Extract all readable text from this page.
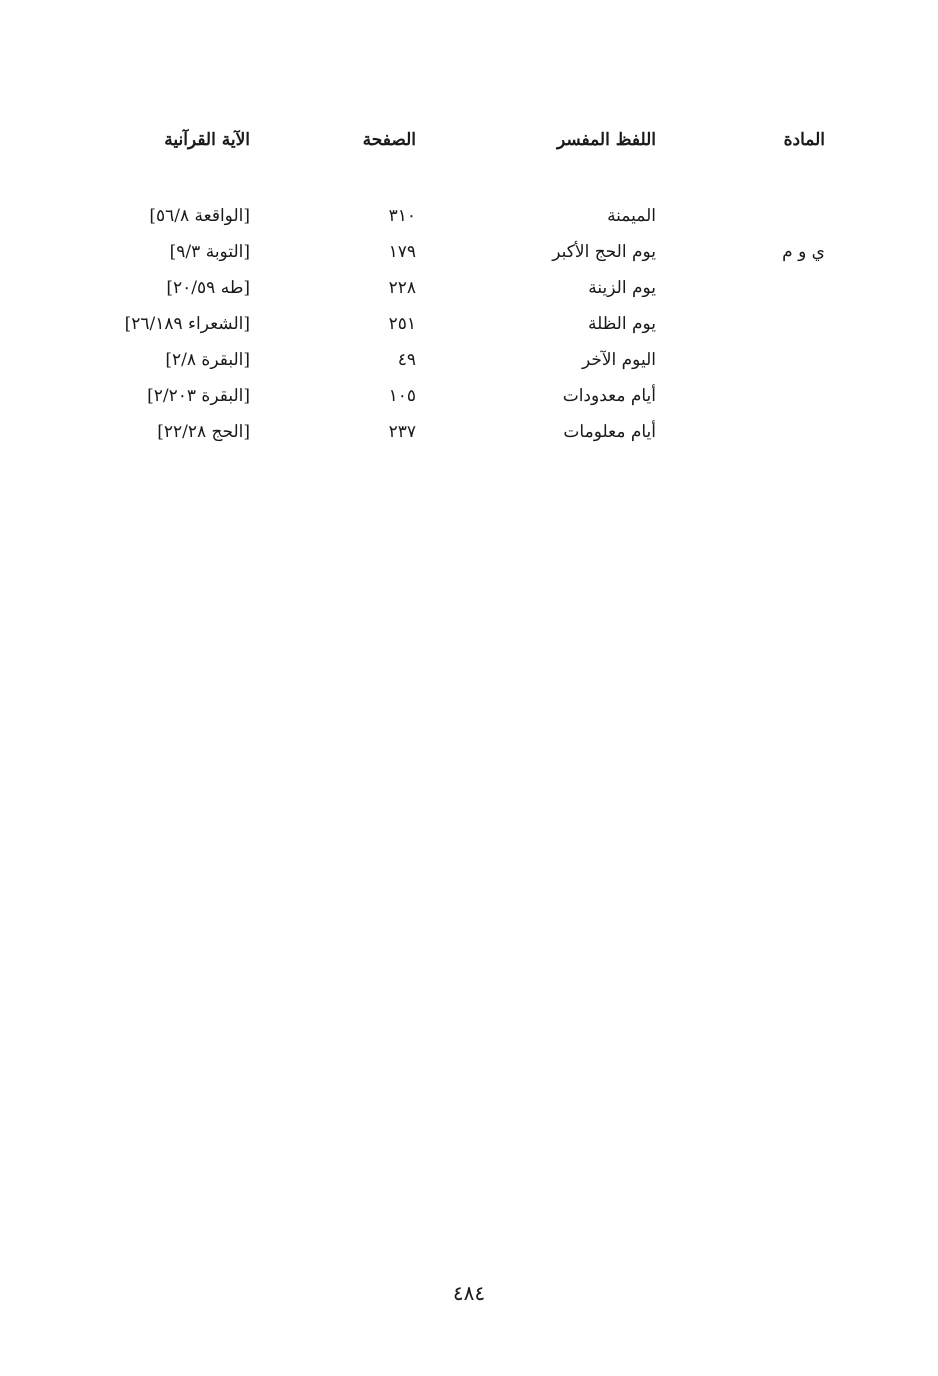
المادة
اللفظ المفسر
الصفحة
الآية القرآنية
الميمنة
٣١٠
[الواقعة ٥٦/٨]
ي و م
يوم الحج الأكبر
١٧٩
[التوبة ٩/٣]
يوم الزينة
٢٢٨
[طه ٢٠/٥٩]
يوم الظلة
٢٥١
[الشعراء ٢٦/١٨٩]
اليوم الآخر
٤٩
[البقرة ٢/٨]
أيام معدودات
١٠٥
[البقرة ٢/٢٠٣]
أيام معلومات
٢٣٧
[الحج ٢٢/٢٨]
٤٨٤
